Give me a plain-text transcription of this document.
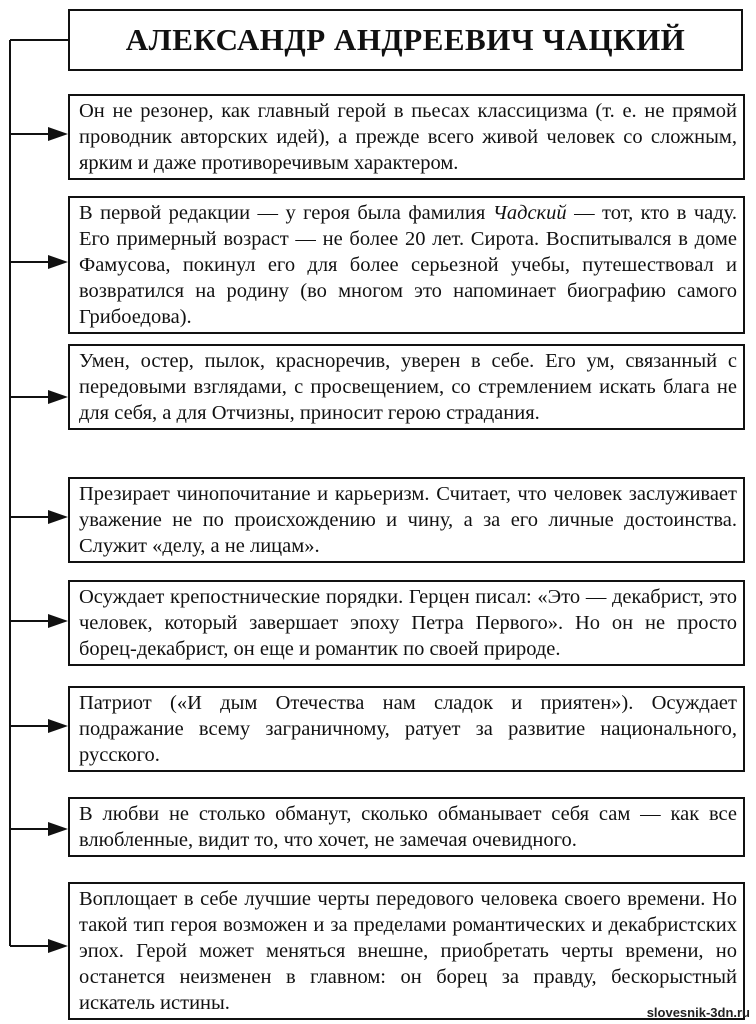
АЛЕКСАНДР АНДРЕЕВИЧ ЧАЦКИЙ
Он не резонер, как главный герой в пьесах классицизма (т. е. не прямой проводник авторских идей), а прежде всего живой человек со сложным, ярким и даже противоречивым характером.
В первой редакции — у героя была фамилия Чадский — тот, кто в чаду. Его примерный возраст — не более 20 лет. Сирота. Воспитывался в доме Фамусова, покинул его для более серьезной учебы, путешествовал и возвратился на родину (во многом это напоминает биографию самого Грибоедова).
Умен, остер, пылок, красноречив, уверен в себе. Его ум, связанный с передовыми взглядами, с просвещением, со стремлением искать блага не для себя, а для Отчизны, приносит герою страдания.
Презирает чинопочитание и карьеризм. Считает, что человек заслуживает уважение не по происхождению и чину, а за его личные достоинства. Служит «делу, а не лицам».
Осуждает крепостнические порядки. Герцен писал: «Это — декабрист, это человек, который завершает эпоху Петра Первого». Но он не просто борец-декабрист, он еще и романтик по своей природе.
Патриот («И дым Отечества нам сладок и приятен»). Осуждает подражание всему заграничному, ратует за развитие национального, русского.
В любви не столько обманут, сколько обманывает себя сам — как все влюбленные, видит то, что хочет, не замечая очевидного.
Воплощает в себе лучшие черты передового человека своего времени. Но такой тип героя возможен и за пределами романтических и декабристских эпох. Герой может меняться внешне, приобретать черты времени, но останется неизменен в главном: он борец за правду, бескорыстный искатель истины.	slovesnik-3dn.ru
